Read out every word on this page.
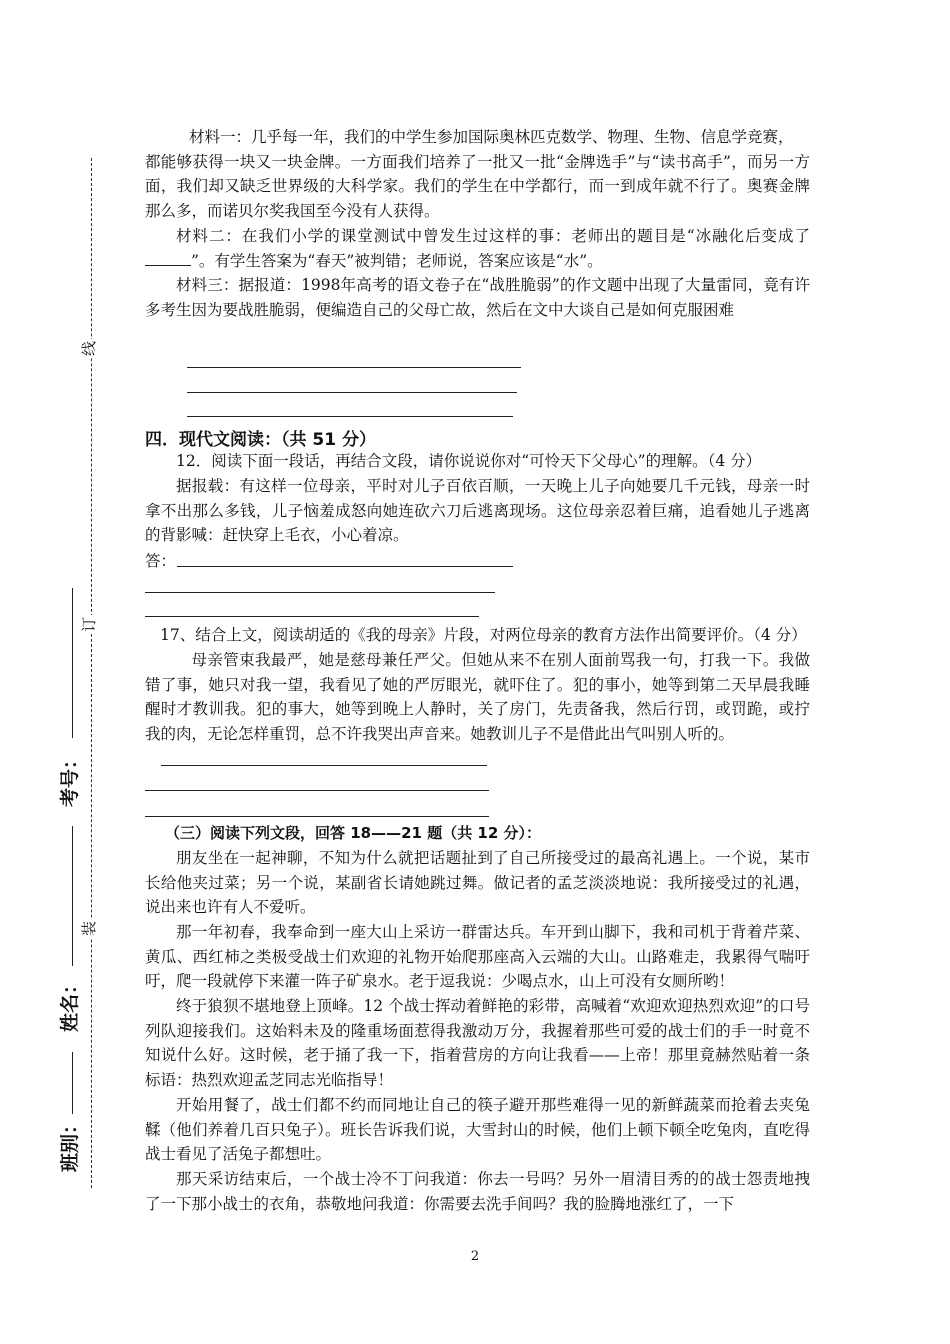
线
订
装
考号：
姓名：
班别：

材料一：几乎每一年，我们的中学生参加国际奥林匹克数学、物理、生物、信息学竞赛，
都能够获得一块又一块金牌。一方面我们培养了一批又一批“金牌选手”与“读书高手”，而另一方面，我们却又缺乏世界级的大科学家。我们的学生在中学都行，而一到成年就不行了。奥赛金牌那么多，而诺贝尔奖我国至今没有人获得。

材料二：在我们小学的课堂测试中曾发生过这样的事：老师出的题目是“冰融化后变成了”。有学生答案为“春天”被判错；老师说，答案应该是“水”。

材料三：据报道：1998年高考的语文卷子在“战胜脆弱”的作文题中出现了大量雷同，竟有许多考生因为要战胜脆弱，便编造自己的父母亡故，然后在文中大谈自己是如何克服困难

四．现代文阅读：（共 51 分）

12．阅读下面一段话，再结合文段，请你说说你对“可怜天下父母心”的理解。（4 分）

据报载：有这样一位母亲，平时对儿子百依百顺，一天晚上儿子向她要几千元钱，母亲一时拿不出那么多钱，儿子恼羞成怒向她连砍六刀后逃离现场。这位母亲忍着巨痛，追看她儿子逃离的背影喊：赶快穿上毛衣，小心着凉。

答：

17、结合上文，阅读胡适的《我的母亲》片段，对两位母亲的教育方法作出简要评价。（4 分）

母亲管束我最严，她是慈母兼任严父。但她从来不在别人面前骂我一句，打我一下。我做错了事，她只对我一望，我看见了她的严厉眼光，就吓住了。犯的事小，她等到第二天早晨我睡醒时才教训我。犯的事大，她等到晚上人静时，关了房门，先责备我，然后行罚，或罚跪，或拧我的肉，无论怎样重罚，总不许我哭出声音来。她教训儿子不是借此出气叫别人听的。

（三）阅读下列文段，回答 18——21 题（共 12 分）：

朋友坐在一起神聊，不知为什么就把话题扯到了自己所接受过的最高礼遇上。一个说，某市长给他夹过菜；另一个说，某副省长请她跳过舞。做记者的孟芝淡淡地说：我所接受过的礼遇，说出来也许有人不爱听。

那一年初春，我奉命到一座大山上采访一群雷达兵。车开到山脚下，我和司机于背着芹菜、黄瓜、西红柿之类极受战士们欢迎的礼物开始爬那座高入云端的大山。山路难走，我累得气喘吁吁，爬一段就停下来灌一阵子矿泉水。老于逗我说：少喝点水，山上可没有女厕所哟！

终于狼狈不堪地登上顶峰。12 个战士挥动着鲜艳的彩带，高喊着“欢迎欢迎热烈欢迎”的口号列队迎接我们。这始料未及的隆重场面惹得我激动万分，我握着那些可爱的战士们的手一时竟不知说什么好。这时候，老于捅了我一下，指着营房的方向让我看——上帝！那里竟赫然贴着一条标语：热烈欢迎孟芝同志光临指导！

开始用餐了，战士们都不约而同地让自己的筷子避开那些难得一见的新鲜蔬菜而抢着去夹兔鞣（他们养着几百只兔子）。班长告诉我们说，大雪封山的时候，他们上顿下顿全吃兔肉，直吃得战士看见了活兔子都想吐。

那天采访结束后，一个战士冷不丁问我道：你去一号吗？另外一眉清目秀的的战士怨责地拽了一下那小战士的衣角，恭敬地问我道：你需要去洗手间吗？我的脸腾地涨红了，一下

2
